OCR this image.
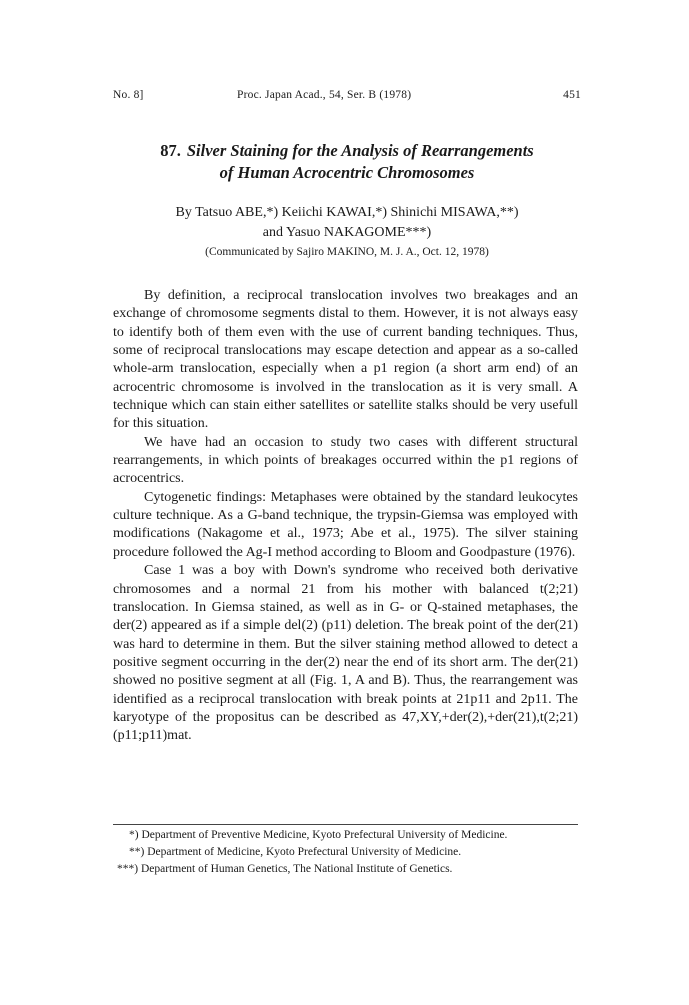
No. 8]	Proc. Japan Acad., 54, Ser. B (1978)	451
87. Silver Staining for the Analysis of Rearrangements
of Human Acrocentric Chromosomes
By Tatsuo ABE,*) Keiichi KAWAI,*) Shinichi MISAWA,**)
and Yasuo NAKAGOME***)
(Communicated by Sajiro MAKINO, M. J. A., Oct. 12, 1978)

By definition, a reciprocal translocation involves two breakages and an exchange of chromosome segments distal to them. However, it is not always easy to identify both of them even with the use of current banding techniques. Thus, some of reciprocal translocations may escape detection and appear as a so-called whole-arm translocation, especially when a p1 region (a short arm end) of an acrocentric chromosome is involved in the translocation as it is very small. A technique which can stain either satellites or satellite stalks should be very usefull for this situation.

We have had an occasion to study two cases with different structural rearrangements, in which points of breakages occurred within the p1 regions of acrocentrics.

Cytogenetic findings: Metaphases were obtained by the standard leukocytes culture technique. As a G-band technique, the trypsin-Giemsa was employed with modifications (Nakagome et al., 1973; Abe et al., 1975). The silver staining procedure followed the Ag-I method according to Bloom and Goodpasture (1976).

Case 1 was a boy with Down's syndrome who received both derivative chromosomes and a normal 21 from his mother with balanced t(2;21) translocation. In Giemsa stained, as well as in G- or Q-stained metaphases, the der(2) appeared as if a simple del(2) (p11) deletion. The break point of the der(21) was hard to determine in them. But the silver staining method allowed to detect a positive segment occurring in the der(2) near the end of its short arm. The der(21) showed no positive segment at all (Fig. 1, A and B). Thus, the rearrangement was identified as a reciprocal translocation with break points at 21p11 and 2p11. The karyotype of the propositus can be described as 47,XY,+der(2),+der(21),t(2;21) (p11;p11)mat.

*) Department of Preventive Medicine, Kyoto Prefectural University of Medicine.

**) Department of Medicine, Kyoto Prefectural University of Medicine.

***) Department of Human Genetics, The National Institute of Genetics.
